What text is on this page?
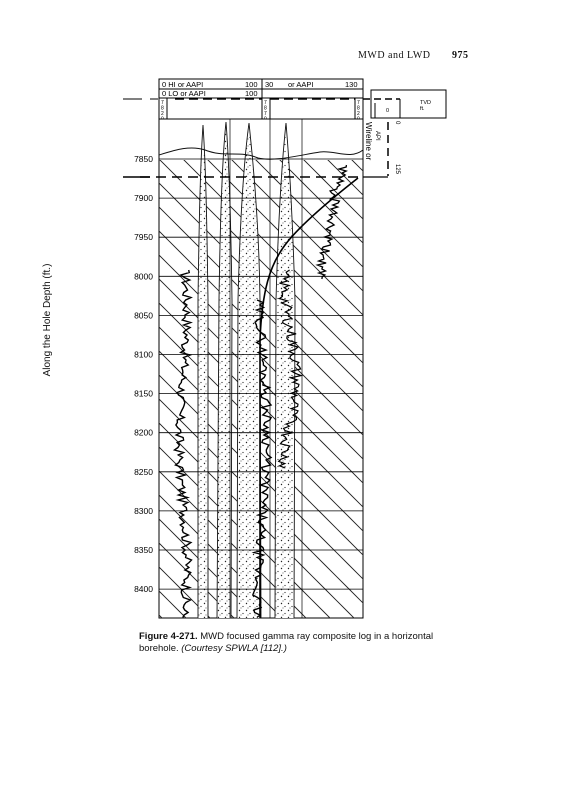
MWD and LWD 975
0 HI or AAPI	100
0 LO or AAPI	100
30 or AAPI	130
7 8 2
7 8 7
7 8 2	0
TVD ft.
Wireline or API
0
125
7850
7900
7950
8000
8050
8100
8150
8200
8250
8300
8350
8400
Along the Hole Depth (ft.)
Figure 4-271. MWD focused gamma ray composite log in a horizontal borehole. (Courtesy SPWLA [112].)
